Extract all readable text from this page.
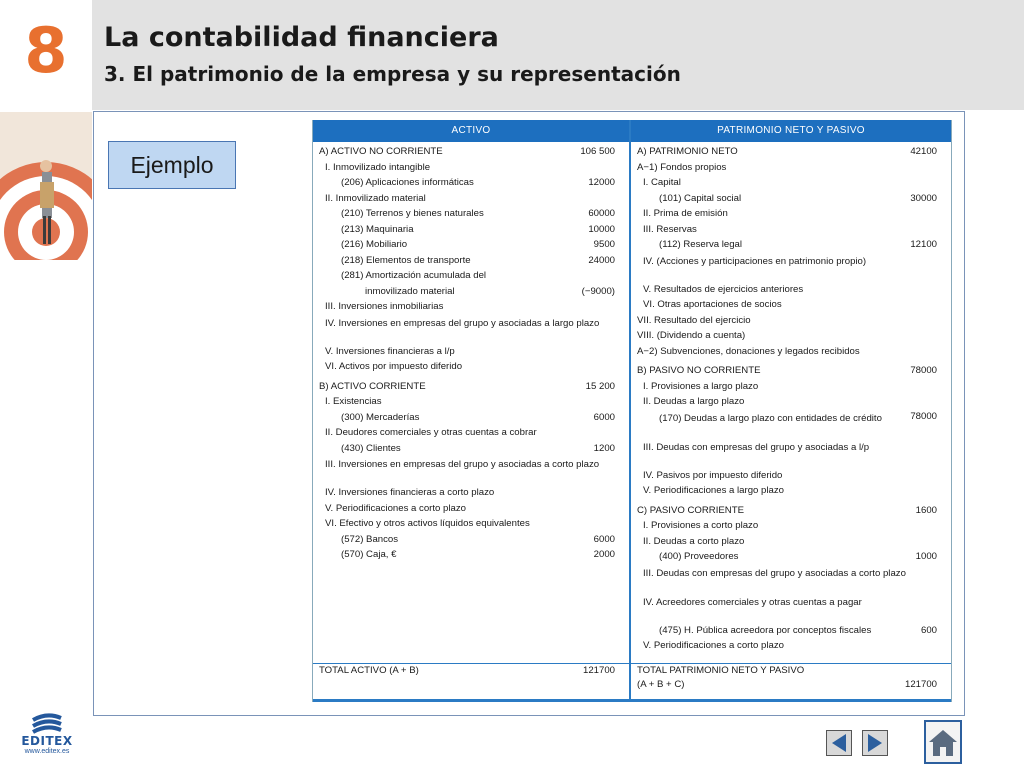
8	La contabilidad financiera
3. El patrimonio de la empresa y su representación
Ejemplo
ACTIVO
A) ACTIVO NO CORRIENTE	106 500
I. Inmovilizado intangible
(206) Aplicaciones informáticas	12000
II. Inmovilizado material
(210) Terrenos y bienes naturales	60000
(213) Maquinaria	10000
(216) Mobiliario	9500
(218) Elementos de transporte	24000
(281) Amortización acumulada del
inmovilizado material	(−9000)
III. Inversiones inmobiliarias
IV. Inversiones en empresas del grupo y asociadas a largo plazo
V. Inversiones financieras a l/p
VI. Activos por impuesto diferido
B) ACTIVO CORRIENTE	15 200
I. Existencias
(300) Mercaderías	6000
II. Deudores comerciales y otras cuentas a cobrar
(430) Clientes	1200
III. Inversiones en empresas del grupo y asociadas a corto plazo
IV. Inversiones financieras a corto plazo
V. Periodificaciones a corto plazo
VI. Efectivo y otros activos líquidos equivalentes
(572) Bancos	6000
(570) Caja, €	2000
TOTAL ACTIVO (A + B)	121700
PATRIMONIO NETO Y PASIVO
A) PATRIMONIO NETO	42100
A−1) Fondos propios
I. Capital
(101) Capital social	30000
II. Prima de emisión
III. Reservas
(112) Reserva legal	12100
IV. (Acciones y participaciones en patrimonio propio)
V. Resultados de ejercicios anteriores
VI. Otras aportaciones de socios
VII. Resultado del ejercicio
VIII. (Dividendo a cuenta)
A−2) Subvenciones, donaciones y legados recibidos
B) PASIVO NO CORRIENTE	78000
I. Provisiones a largo plazo
II. Deudas a largo plazo
(170) Deudas a largo plazo con entidades de crédito	78000
III. Deudas con empresas del grupo y asociadas a l/p
IV. Pasivos por impuesto diferido
V. Periodificaciones a largo plazo
C) PASIVO CORRIENTE	1600
I. Provisiones a corto plazo
II. Deudas a corto plazo
(400) Proveedores	1000
III. Deudas con empresas del grupo y asociadas a corto plazo
IV. Acreedores comerciales y otras cuentas a pagar
(475) H. Pública acreedora por conceptos fiscales	600
V. Periodificaciones a corto plazo
TOTAL PATRIMONIO NETO Y PASIVO
(A + B + C)	121700
EDITEX
www.editex.es
